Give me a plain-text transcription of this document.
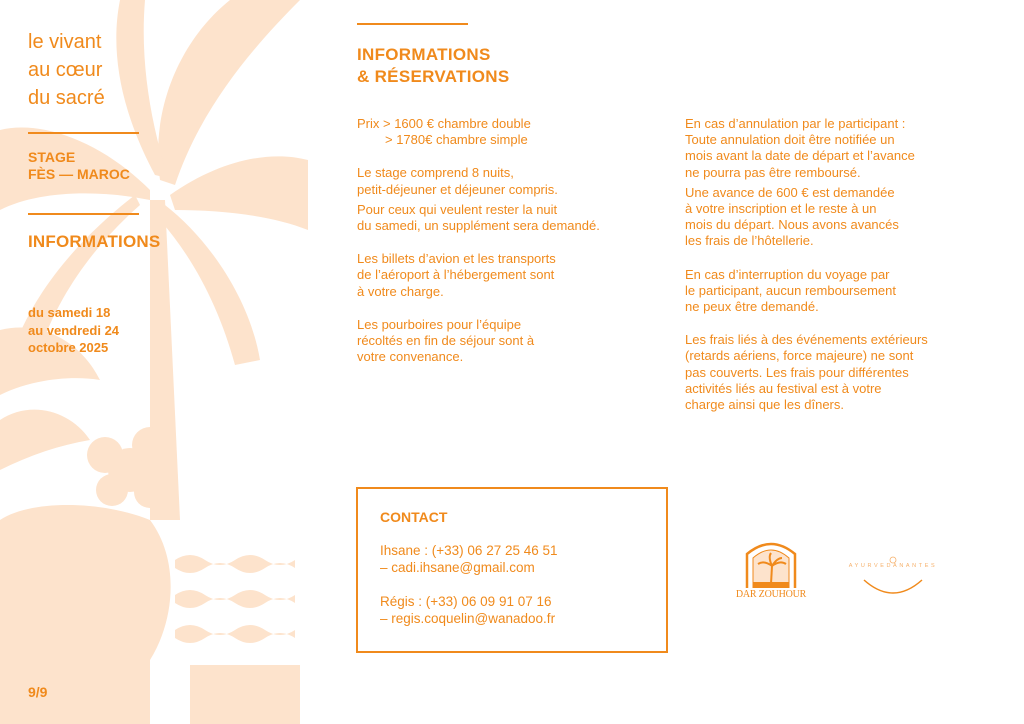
le vivant
au cœur
du sacré
STAGE
FÈS — MAROC
INFORMATIONS
du samedi 18
au vendredi 24
octobre 2025
9/9
INFORMATIONS
& RÉSERVATIONS

Prix > 1600 € chambre double

> 1780€ chambre simple

Le stage comprend 8 nuits,

petit-déjeuner et déjeuner compris.

Pour ceux qui veulent rester la nuit

du samedi, un supplément sera demandé.

Les billets d’avion et les transports

de l’aéroport à l’hébergement sont

à votre charge.

Les pourboires pour l’équipe

récoltés en fin de séjour sont à

votre convenance.

En cas d’annulation par le participant :

Toute annulation doit être notifiée un

mois avant la date de départ et l’avance

ne pourra pas être remboursé.

Une avance de 600 € est demandée

à votre inscription et le reste à un

mois du départ. Nous avons avancés

les frais de l’hôtellerie.

En cas d’interruption du voyage par

le participant, aucun remboursement

ne peux être demandé.

Les frais liés à des événements extérieurs

(retards aériens, force majeure) ne sont

pas couverts. Les frais pour différentes

activités liés au festival est à votre

charge ainsi que les dîners.

CONTACT
Ihsane : (+33) 06 27 25 46 51
– cadi.ihsane@gmail.com
Régis : (+33) 06 09 91 07 16
– regis.coquelin@wanadoo.fr
DAR ZOUHOUR
AYURVEDANANTES
